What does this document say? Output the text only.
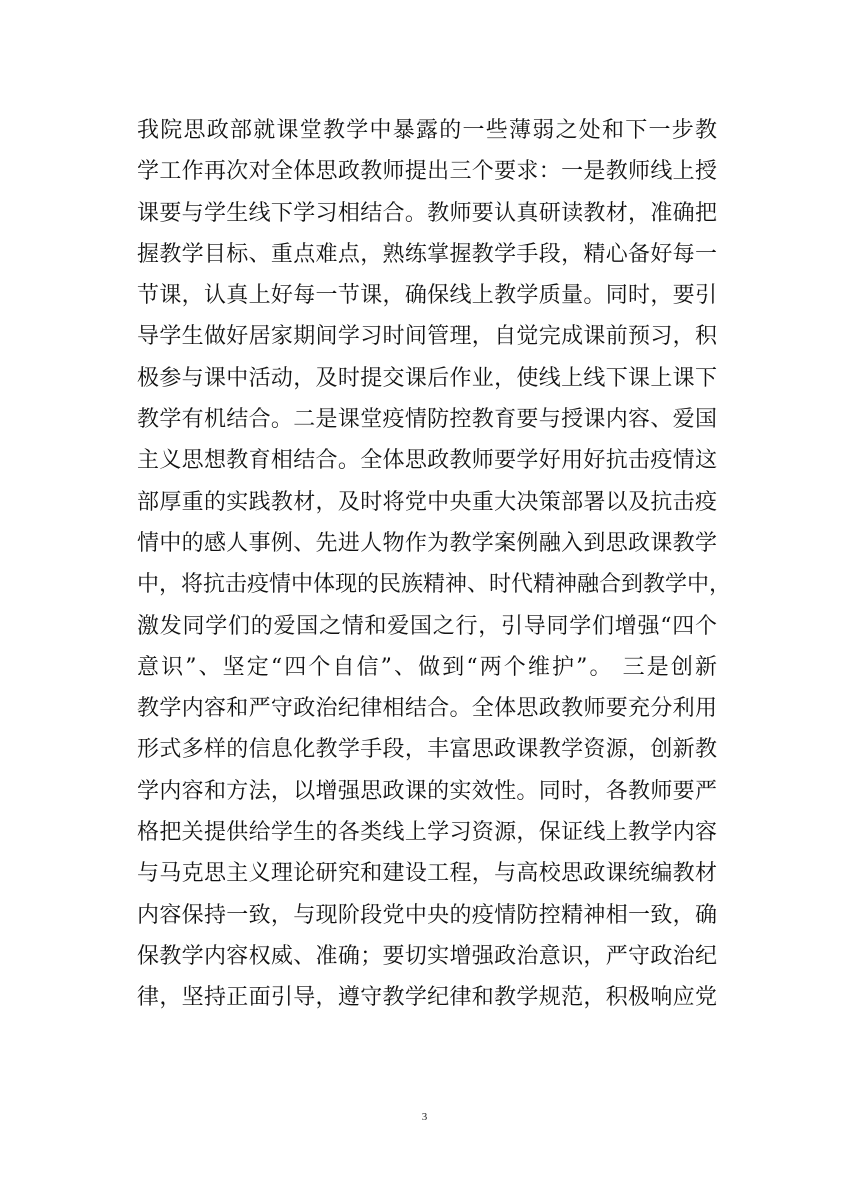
我院思政部就课堂教学中暴露的一些薄弱之处和下一步教
学工作再次对全体思政教师提出三个要求：一是教师线上授
课要与学生线下学习相结合。教师要认真研读教材，准确把
握教学目标、重点难点，熟练掌握教学手段，精心备好每一
节课，认真上好每一节课，确保线上教学质量。同时，要引
导学生做好居家期间学习时间管理，自觉完成课前预习，积
极参与课中活动，及时提交课后作业，使线上线下课上课下
教学有机结合。二是课堂疫情防控教育要与授课内容、爱国
主义思想教育相结合。全体思政教师要学好用好抗击疫情这
部厚重的实践教材，及时将党中央重大决策部署以及抗击疫
情中的感人事例、先进人物作为教学案例融入到思政课教学
中，将抗击疫情中体现的民族精神、时代精神融合到教学中，
激发同学们的爱国之情和爱国之行，引导同学们增强“四个
意识”、坚定“四个自信”、做到“两个维护”。 三是创新
教学内容和严守政治纪律相结合。全体思政教师要充分利用
形式多样的信息化教学手段，丰富思政课教学资源，创新教
学内容和方法，以增强思政课的实效性。同时，各教师要严
格把关提供给学生的各类线上学习资源，保证线上教学内容
与马克思主义理论研究和建设工程，与高校思政课统编教材
内容保持一致，与现阶段党中央的疫情防控精神相一致，确
保教学内容权威、准确；要切实增强政治意识，严守政治纪
律，坚持正面引导，遵守教学纪律和教学规范，积极响应党
3
